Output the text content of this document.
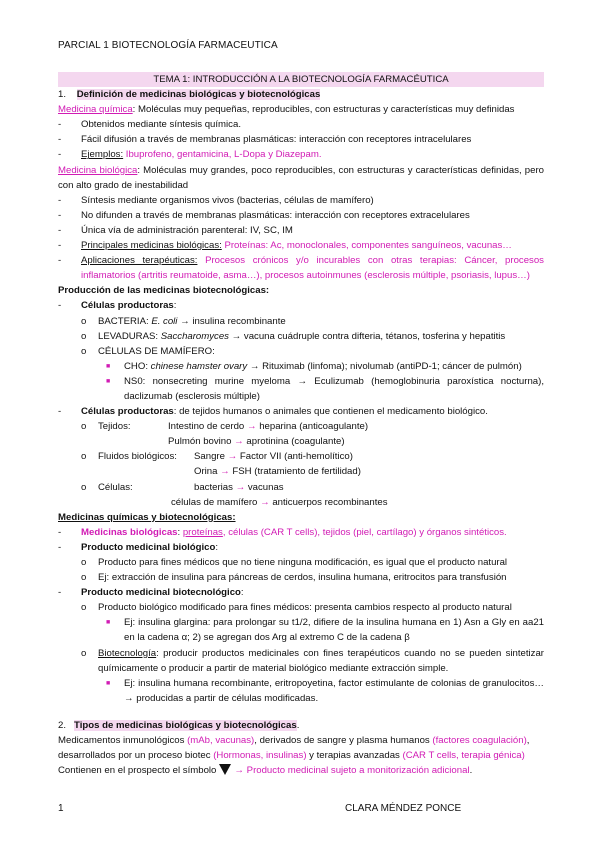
PARCIAL 1 BIOTECNOLOGÍA FARMACEUTICA
TEMA 1: INTRODUCCIÓN A LA BIOTECNOLOGÍA FARMACÉUTICA
1. Definición de medicinas biológicas y biotecnológicas
Medicina química: Moléculas muy pequeñas, reproducibles, con estructuras y características muy definidas
-	Obtenidos mediante síntesis química.
-	Fácil difusión a través de membranas plasmáticas: interacción con receptores intracelulares
-	Ejemplos: Ibuprofeno, gentamicina, L-Dopa y Diazepam.
Medicina biológica: Moléculas muy grandes, poco reproducibles, con estructuras y características definidas, pero con alto grado de inestabilidad
-	Síntesis mediante organismos vivos (bacterias, células de mamífero)
-	No difunden a través de membranas plasmáticas: interacción con receptores extracelulares
-	Única vía de administración parenteral: IV, SC, IM
-	Principales medicinas biológicas: Proteínas: Ac, monoclonales, componentes sanguíneos, vacunas…
-	Aplicaciones terapéuticas: Procesos crónicos y/o incurables con otras terapias: Cáncer, procesos inflamatorios (artritis reumatoide, asma…), procesos autoinmunes (esclerosis múltiple, psoriasis, lupus…)
Producción de las medicinas biotecnológicas:
-	Células productoras:
o	BACTERIA: E. coli → insulina recombinante
o	LEVADURAS: Saccharomyces → vacuna cuádruple contra difteria, tétanos, tosferina y hepatitis
o	CÉLULAS DE MAMÍFERO:
■	CHO: chinese hamster ovary → Rituximab (linfoma); nivolumab (antiPD-1; cáncer de pulmón)
■	NS0: nonsecreting murine myeloma → Eculizumab (hemoglobinuria paroxística nocturna), daclizumab (esclerosis múltiple)
-	Células productoras: de tejidos humanos o animales que contienen el medicamento biológico.
o	Tejidos:	Intestino de cerdo → heparina (anticoagulante)
Pulmón bovino → aprotinina (coagulante)
o	Fluidos biológicos:	Sangre → Factor VII (anti-hemolítico)
Orina → FSH (tratamiento de fertilidad)
o	Células:	bacterias → vacunas
células de mamífero → anticuerpos recombinantes
Medicinas químicas y biotecnológicas:
-	Medicinas biológicas: proteínas, células (CAR T cells), tejidos (piel, cartílago) y órganos sintéticos.
-	Producto medicinal biológico:
o	Producto para fines médicos que no tiene ninguna modificación, es igual que el producto natural
o	Ej: extracción de insulina para páncreas de cerdos, insulina humana, eritrocitos para transfusión
-	Producto medicinal biotecnológico:
o	Producto biológico modificado para fines médicos: presenta cambios respecto al producto natural
■	Ej: insulina glargina: para prolongar su t1/2, difiere de la insulina humana en 1) Asn a Gly en aa21 en la cadena α; 2) se agregan dos Arg al extremo C de la cadena β
o	Biotecnología: producir productos medicinales con fines terapéuticos cuando no se pueden sintetizar químicamente o producir a partir de material biológico mediante extracción simple.
■	Ej: insulina humana recombinante, eritropoyetina, factor estimulante de colonias de granulocitos… → producidas a partir de células modificadas.
2. Tipos de medicinas biológicas y biotecnológicas.
Medicamentos inmunológicos (mAb, vacunas), derivados de sangre y plasma humanos (factores coagulación),
desarrollados por un proceso biotec (Hormonas, insulinas) y terapias avanzadas (CAR T cells, terapia génica)
Contienen en el prospecto el símbolo → Producto medicinal sujeto a monitorización adicional.
1	CLARA MÉNDEZ PONCE
